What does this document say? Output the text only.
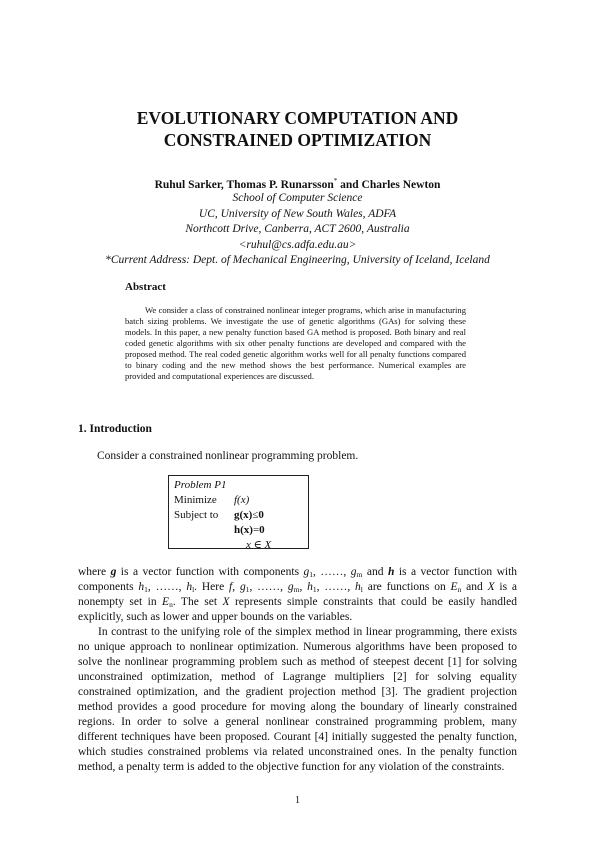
EVOLUTIONARY COMPUTATION AND
CONSTRAINED OPTIMIZATION
Ruhul Sarker, Thomas P. Runarsson* and Charles Newton
School of Computer Science
UC, University of New South Wales, ADFA
Northcott Drive, Canberra, ACT 2600, Australia
<ruhul@cs.adfa.edu.au>
*Current Address: Dept. of Mechanical Engineering, University of Iceland, Iceland
Abstract
We consider a class of constrained nonlinear integer programs, which arise in manufacturing batch sizing problems. We investigate the use of genetic algorithms (GAs) for solving these models. In this paper, a new penalty function based GA method is proposed. Both binary and real coded genetic algorithms with six other penalty functions are developed and compared with the proposed method. The real coded genetic algorithm works well for all penalty functions compared to binary coding and the new method shows the best performance. Numerical examples are provided and computational experiences are discussed.
1. Introduction
Consider a constrained nonlinear programming problem.
Problem P1
Minimize	f(x)
Subject to	g(x) ≤ 0
h(x) = 0
x ∈ X

where g is a vector function with components $g_1$, ……, $g_m$ and h is a vector function with components $h_1$, ……, $h_l$. Here f, $g_1$, ……, $g_m$, $h_1$, ……, $h_l$ are functions on $E_n$ and X is a nonempty set in $E_n$. The set X represents simple constraints that could be easily handled explicitly, such as lower and upper bounds on the variables.

In contrast to the unifying role of the simplex method in linear programming, there exists no unique approach to nonlinear optimization. Numerous algorithms have been proposed to solve the nonlinear programming problem such as method of steepest decent [1] for solving unconstrained optimization, method of Lagrange multipliers [2] for solving equality constrained optimization, and the gradient projection method [3]. The gradient projection method provides a good procedure for moving along the boundary of linearly constrained regions. In order to solve a general nonlinear constrained programming problem, many different techniques have been proposed. Courant [4] initially suggested the penalty function, which studies constrained problems via related unconstrained ones. In the penalty function method, a penalty term is added to the objective function for any violation of the constraints.

1
